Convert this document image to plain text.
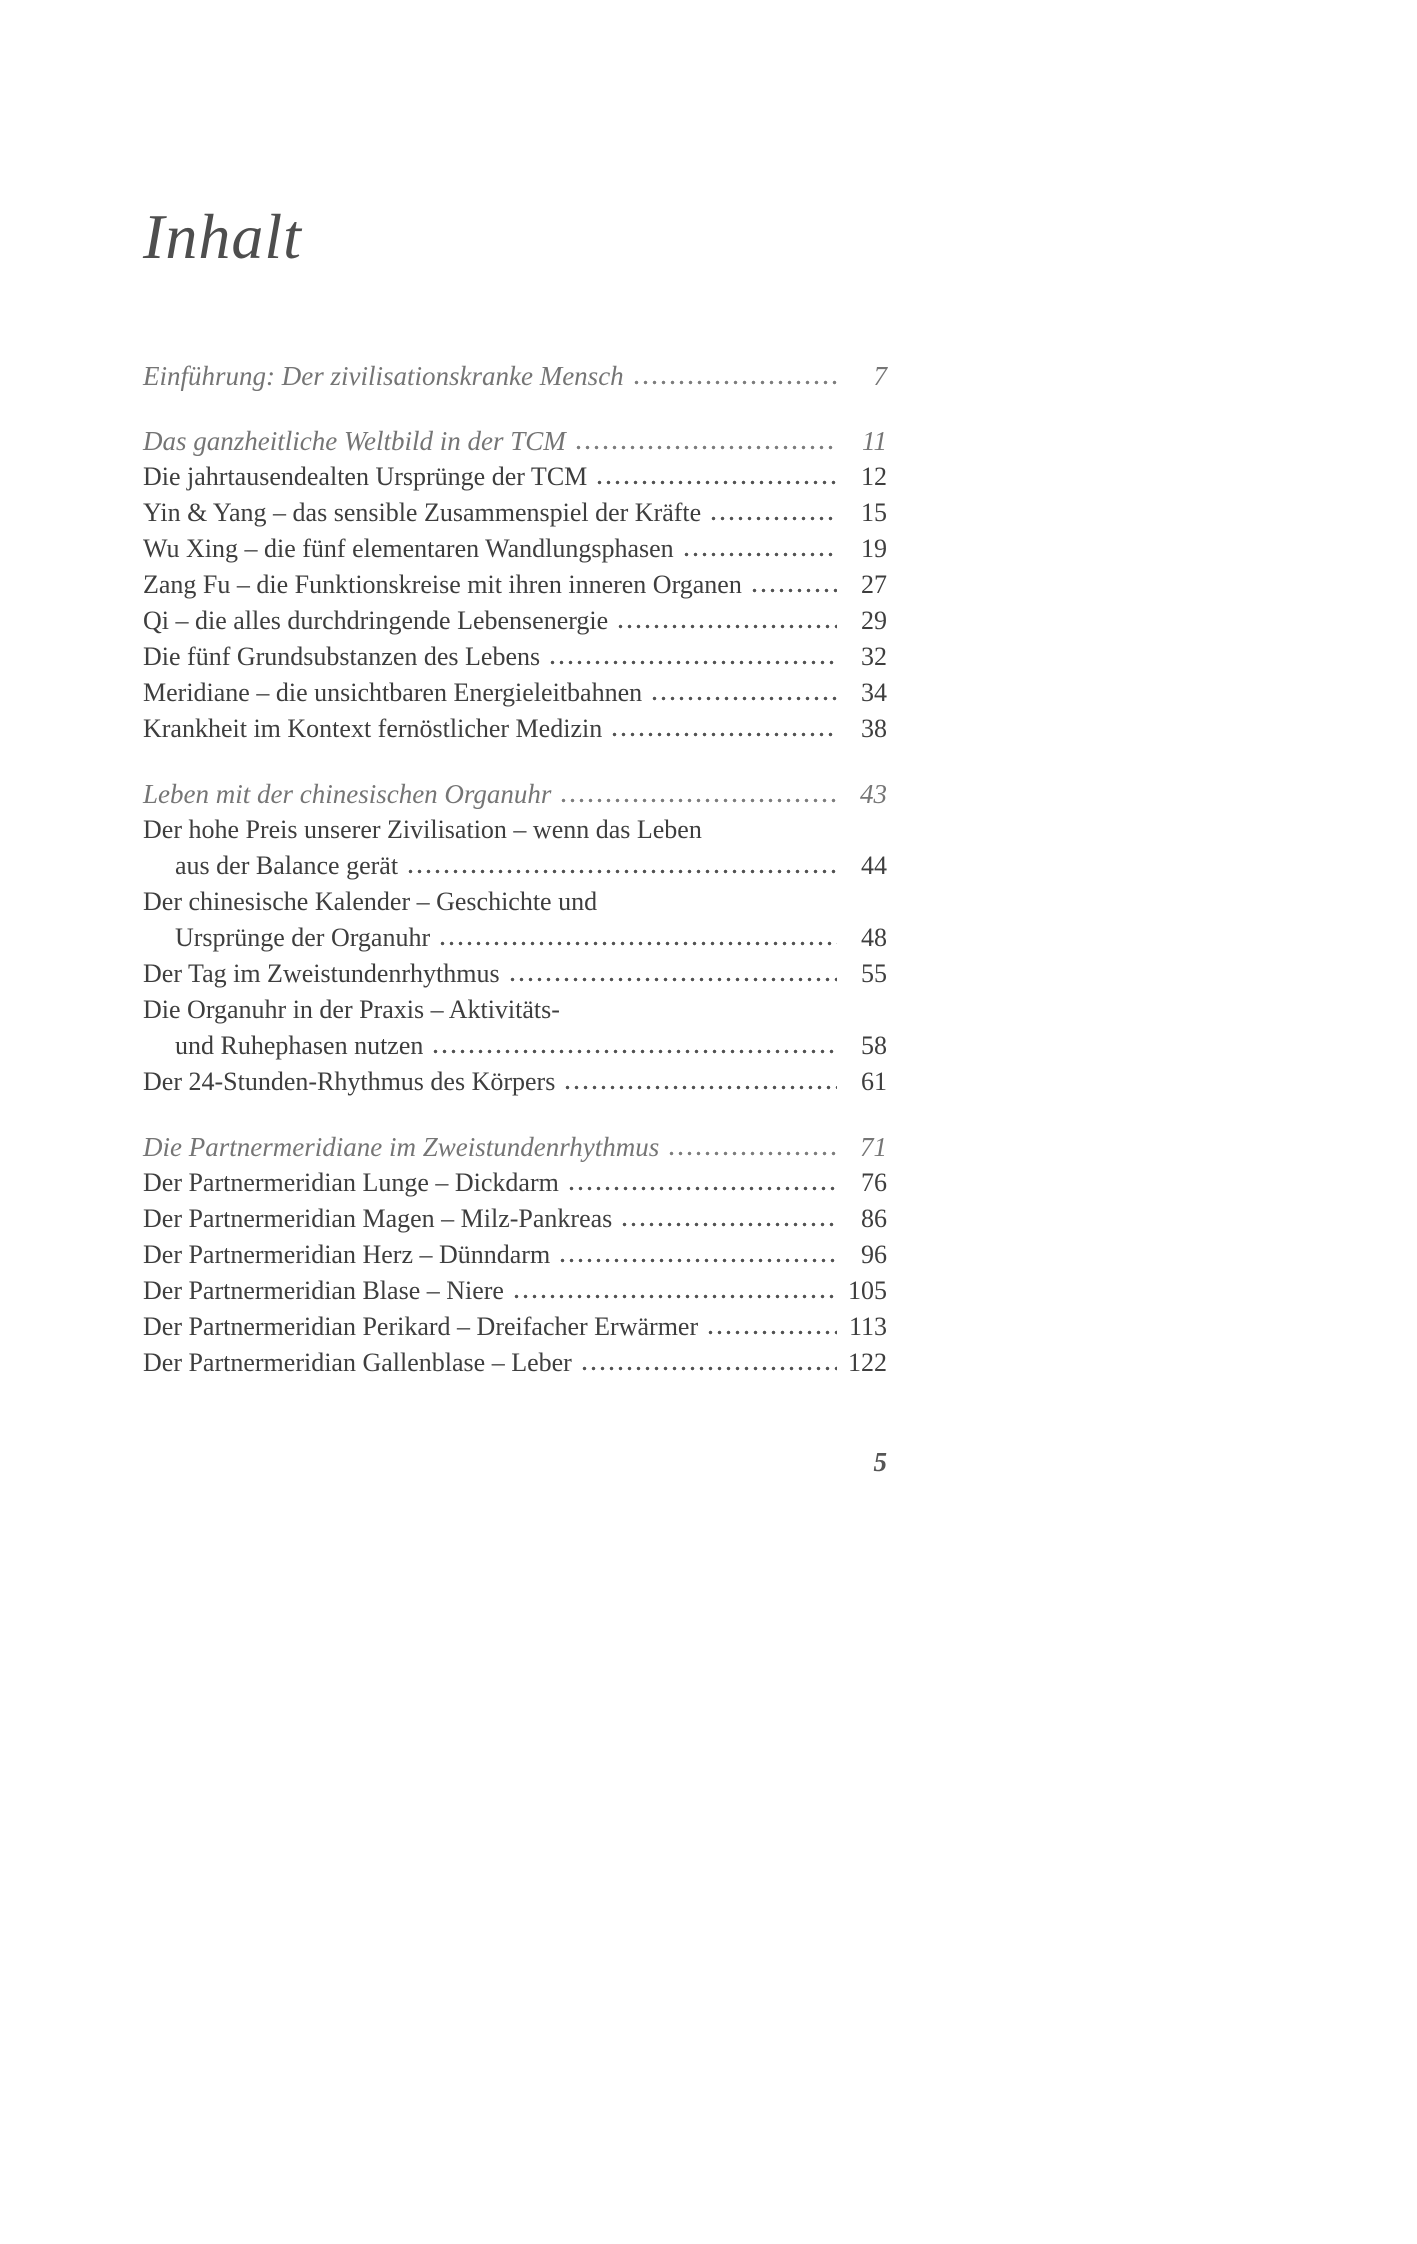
Inhalt
Einführung: Der zivilisationskranke Mensch	7
Das ganzheitliche Weltbild in der TCM	11
Die jahrtausendealten Ursprünge der TCM	12
Yin & Yang – das sensible Zusammenspiel der Kräfte	15
Wu Xing – die fünf elementaren Wandlungsphasen	19
Zang Fu – die Funktionskreise mit ihren inneren Organen	27
Qi – die alles durchdringende Lebensenergie	29
Die fünf Grundsubstanzen des Lebens	32
Meridiane – die unsichtbaren Energieleitbahnen	34
Krankheit im Kontext fernöstlicher Medizin	38
Leben mit der chinesischen Organuhr	43
Der hohe Preis unserer Zivilisation – wenn das Leben
aus der Balance gerät	44
Der chinesische Kalender – Geschichte und
Ursprünge der Organuhr	48
Der Tag im Zweistundenrhythmus	55
Die Organuhr in der Praxis – Aktivitäts-
und Ruhephasen nutzen	58
Der 24-Stunden-Rhythmus des Körpers	61
Die Partnermeridiane im Zweistundenrhythmus	71
Der Partnermeridian Lunge – Dickdarm	76
Der Partnermeridian Magen – Milz-Pankreas	86
Der Partnermeridian Herz – Dünndarm	96
Der Partnermeridian Blase – Niere	105
Der Partnermeridian Perikard – Dreifacher Erwärmer	113
Der Partnermeridian Gallenblase – Leber	122
5
